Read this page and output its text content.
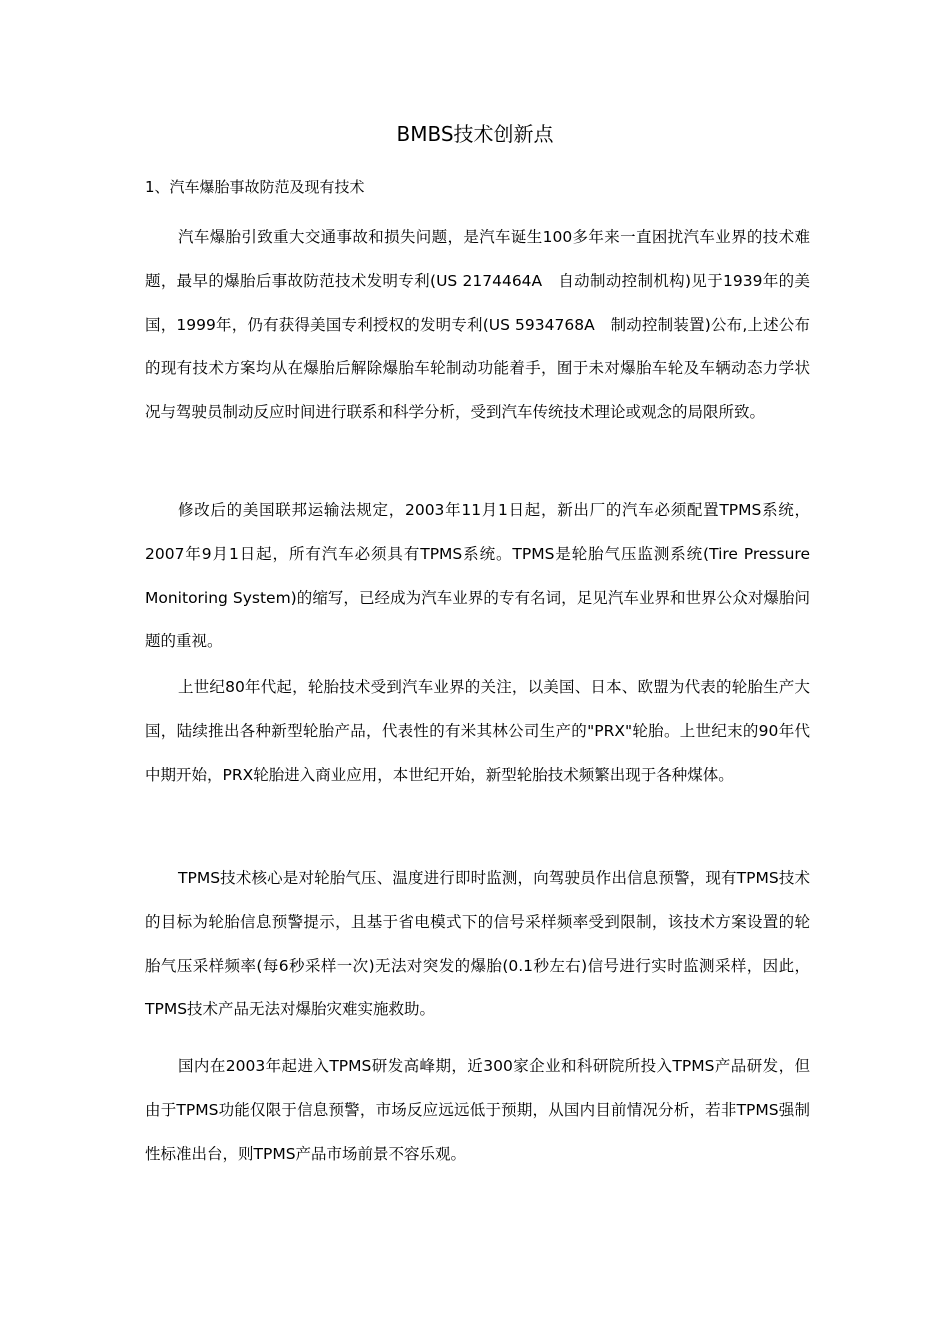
BMBS技术创新点
1、汽车爆胎事故防范及现有技术

汽车爆胎引致重大交通事故和损失问题，是汽车诞生100多年来一直困扰汽车业界的技术难题，最早的爆胎后事故防范技术发明专利(US 2174464A　自动制动控制机构)见于1939年的美国，1999年，仍有获得美国专利授权的发明专利(US 5934768A　制动控制装置)公布,上述公布的现有技术方案均从在爆胎后解除爆胎车轮制动功能着手，囿于未对爆胎车轮及车辆动态力学状况与驾驶员制动反应时间进行联系和科学分析，受到汽车传统技术理论或观念的局限所致。

修改后的美国联邦运输法规定，2003年11月1日起，新出厂的汽车必须配置TPMS系统，2007年9月1日起，所有汽车必须具有TPMS系统。TPMS是轮胎气压监测系统(Tire Pressure Monitoring System)的缩写，已经成为汽车业界的专有名词，足见汽车业界和世界公众对爆胎问题的重视。

上世纪80年代起，轮胎技术受到汽车业界的关注，以美国、日本、欧盟为代表的轮胎生产大国，陆续推出各种新型轮胎产品，代表性的有米其林公司生产的"PRX"轮胎。上世纪末的90年代中期开始，PRX轮胎进入商业应用，本世纪开始，新型轮胎技术频繁出现于各种煤体。

TPMS技术核心是对轮胎气压、温度进行即时监测，向驾驶员作出信息预警，现有TPMS技术的目标为轮胎信息预警提示，且基于省电模式下的信号采样频率受到限制，该技术方案设置的轮胎气压采样频率(每6秒采样一次)无法对突发的爆胎(0.1秒左右)信号进行实时监测采样，因此，TPMS技术产品无法对爆胎灾难实施救助。

国内在2003年起进入TPMS研发高峰期，近300家企业和科研院所投入TPMS产品研发，但由于TPMS功能仅限于信息预警，市场反应远远低于预期，从国内目前情况分析，若非TPMS强制性标准出台，则TPMS产品市场前景不容乐观。
